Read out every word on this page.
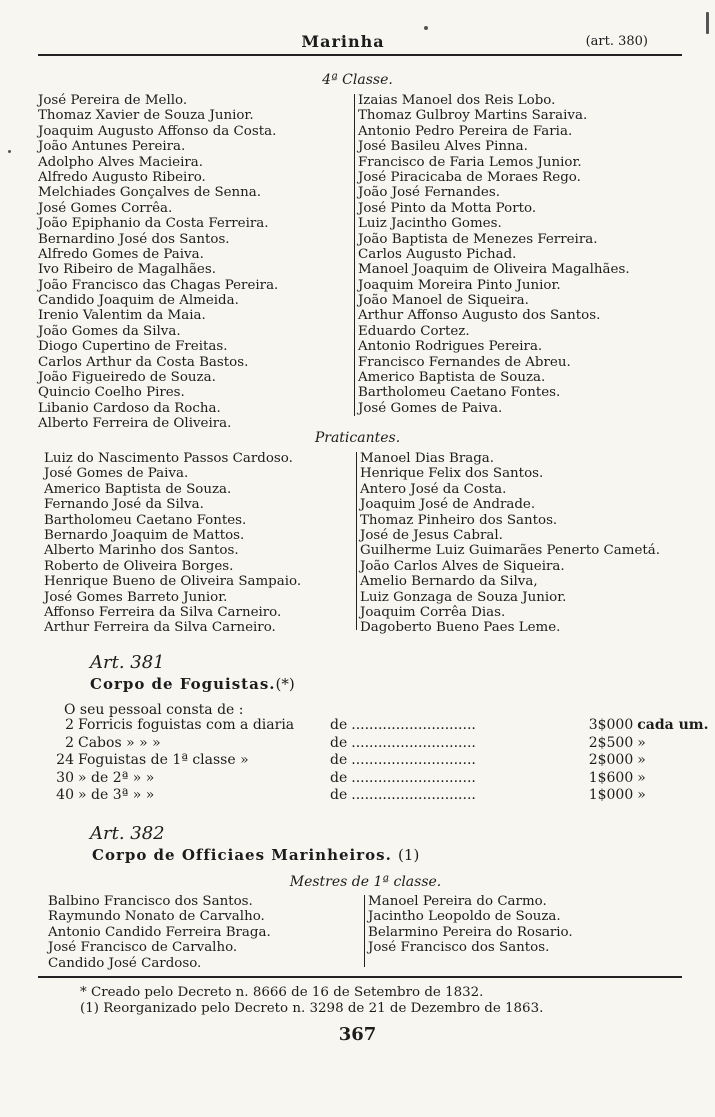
Marinha	(art. 380)
4ª Classe.
José Pereira de Mello.
Thomaz Xavier de Souza Junior.
Joaquim Augusto Affonso da Costa.
João Antunes Pereira.
Adolpho Alves Macieira.
Alfredo Augusto Ribeiro.
Melchiades Gonçalves de Senna.
José Gomes Corrêa.
João Epiphanio da Costa Ferreira.
Bernardino José dos Santos.
Alfredo Gomes de Paiva.
Ivo Ribeiro de Magalhães.
João Francisco das Chagas Pereira.
Candido Joaquim de Almeida.
Irenio Valentim da Maia.
João Gomes da Silva.
Diogo Cupertino de Freitas.
Carlos Arthur da Costa Bastos.
João Figueiredo de Souza.
Quincio Coelho Pires.
Libanio Cardoso da Rocha.
Alberto Ferreira de Oliveira.
Izaias Manoel dos Reis Lobo.
Thomaz Gulbroy Martins Saraiva.
Antonio Pedro Pereira de Faria.
José Basileu Alves Pinna.
Francisco de Faria Lemos Junior.
José Piracicaba de Moraes Rego.
João José Fernandes.
José Pinto da Motta Porto.
Luiz Jacintho Gomes.
João Baptista de Menezes Ferreira.
Carlos Augusto Pichad.
Manoel Joaquim de Oliveira Magalhães.
Joaquim Moreira Pinto Junior.
João Manoel de Siqueira.
Arthur Affonso Augusto dos Santos.
Eduardo Cortez.
Antonio Rodrigues Pereira.
Francisco Fernandes de Abreu.
Americo Baptista de Souza.
Bartholomeu Caetano Fontes.
José Gomes de Paiva.
Praticantes.
Luiz do Nascimento Passos Cardoso.
José Gomes de Paiva.
Americo Baptista de Souza.
Fernando José da Silva.
Bartholomeu Caetano Fontes.
Bernardo Joaquim de Mattos.
Alberto Marinho dos Santos.
Roberto de Oliveira Borges.
Henrique Bueno de Oliveira Sampaio.
José Gomes Barreto Junior.
Affonso Ferreira da Silva Carneiro.
Arthur Ferreira da Silva Carneiro.
Manoel Dias Braga.
Henrique Felix dos Santos.
Antero José da Costa.
Joaquim José de Andrade.
Thomaz Pinheiro dos Santos.
José de Jesus Cabral.
Guilherme Luiz Guimarães Penerto Cametá.
João Carlos Alves de Siqueira.
Amelio Bernardo da Silva,
Luiz Gonzaga de Souza Junior.
Joaquim Corrêa Dias.
Dagoberto Bueno Paes Leme.
Art. 381
Corpo de Foguistas.(*)
O seu pessoal consta de :
2	Forricis foguistas com a diaria	de	............................	3$000	cada um.
2	Cabos » » »	de	............................	2$500	»
24	Foguistas de 1ª classe »	de	............................	2$000	»
30	» de 2ª » »	de	............................	1$600	»
40	» de 3ª » »	de	............................	1$000	»
Art. 382
Corpo de Officiaes Marinheiros. (1)
Mestres de 1ª classe.
Balbino Francisco dos Santos.
Raymundo Nonato de Carvalho.
Antonio Candido Ferreira Braga.
José Francisco de Carvalho.
Candido José Cardoso.
Manoel Pereira do Carmo.
Jacintho Leopoldo de Souza.
Belarmino Pereira do Rosario.
José Francisco dos Santos.
* Creado pelo Decreto n. 8666 de 16 de Setembro de 1832.
(1) Reorganizado pelo Decreto n. 3298 de 21 de Dezembro de 1863.
367
